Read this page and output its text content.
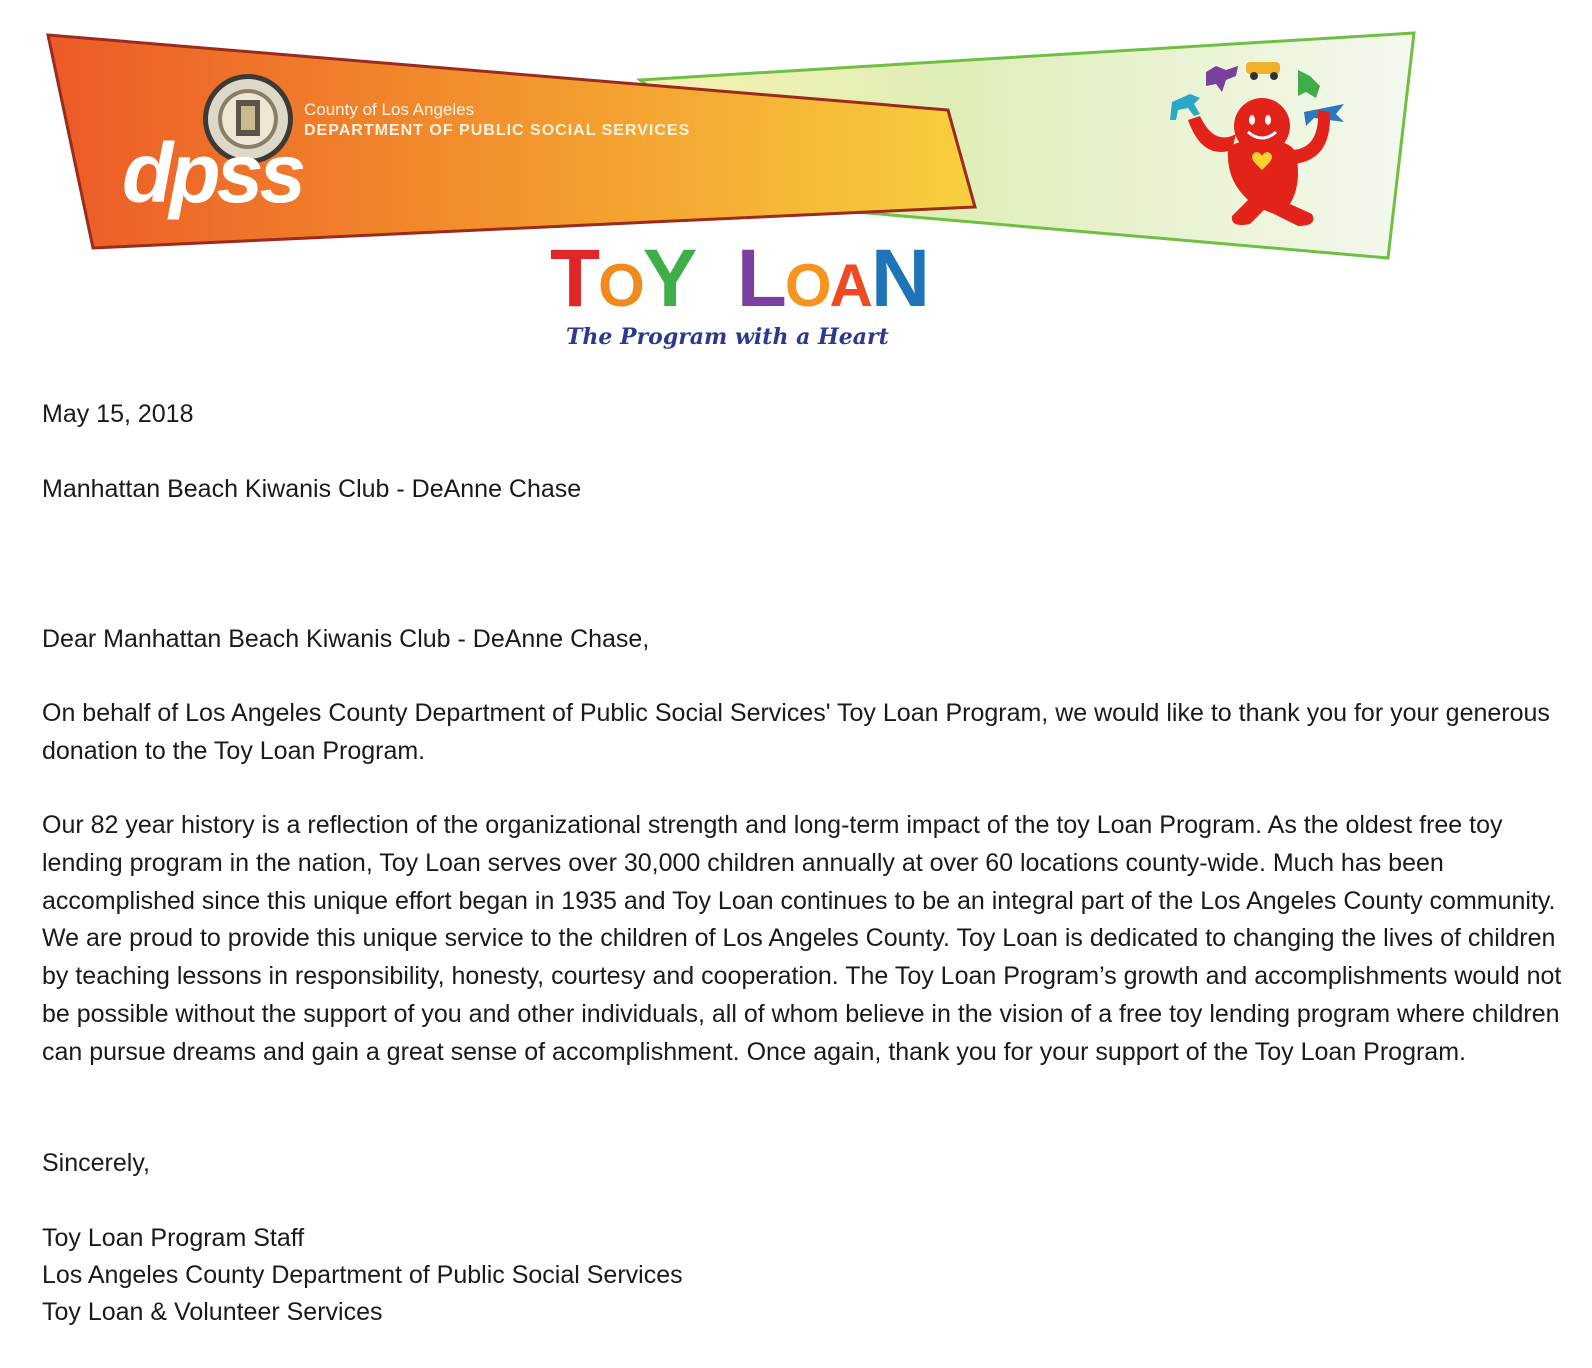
County of Los Angeles
DEPARTMENT OF PUBLIC SOCIAL SERVICES
dpss
TOY LOAN
The Program with a Heart
May 15, 2018
Manhattan Beach Kiwanis Club - DeAnne Chase
Dear Manhattan Beach Kiwanis Club - DeAnne Chase,
On behalf of Los Angeles County Department of Public Social Services' Toy Loan Program, we would like to thank you for your generous donation to the Toy Loan Program.
Our 82 year history is a reflection of the organizational strength and long-term impact of the toy Loan Program. As the oldest free toy lending program in the nation, Toy Loan serves over 30,000 children annually at over 60 locations county-wide. Much has been accomplished since this unique effort began in 1935 and Toy Loan continues to be an integral part of the Los Angeles County community. We are proud to provide this unique service to the children of Los Angeles County. Toy Loan is dedicated to changing the lives of children by teaching lessons in responsibility, honesty, courtesy and cooperation. The Toy Loan Program’s growth and accomplishments would not be possible without the support of you and other individuals, all of whom believe in the vision of a free toy lending program where children can pursue dreams and gain a great sense of accomplishment. Once again, thank you for your support of the Toy Loan Program.
Sincerely,
Toy Loan Program Staff
Los Angeles County Department of Public Social Services
Toy Loan & Volunteer Services
